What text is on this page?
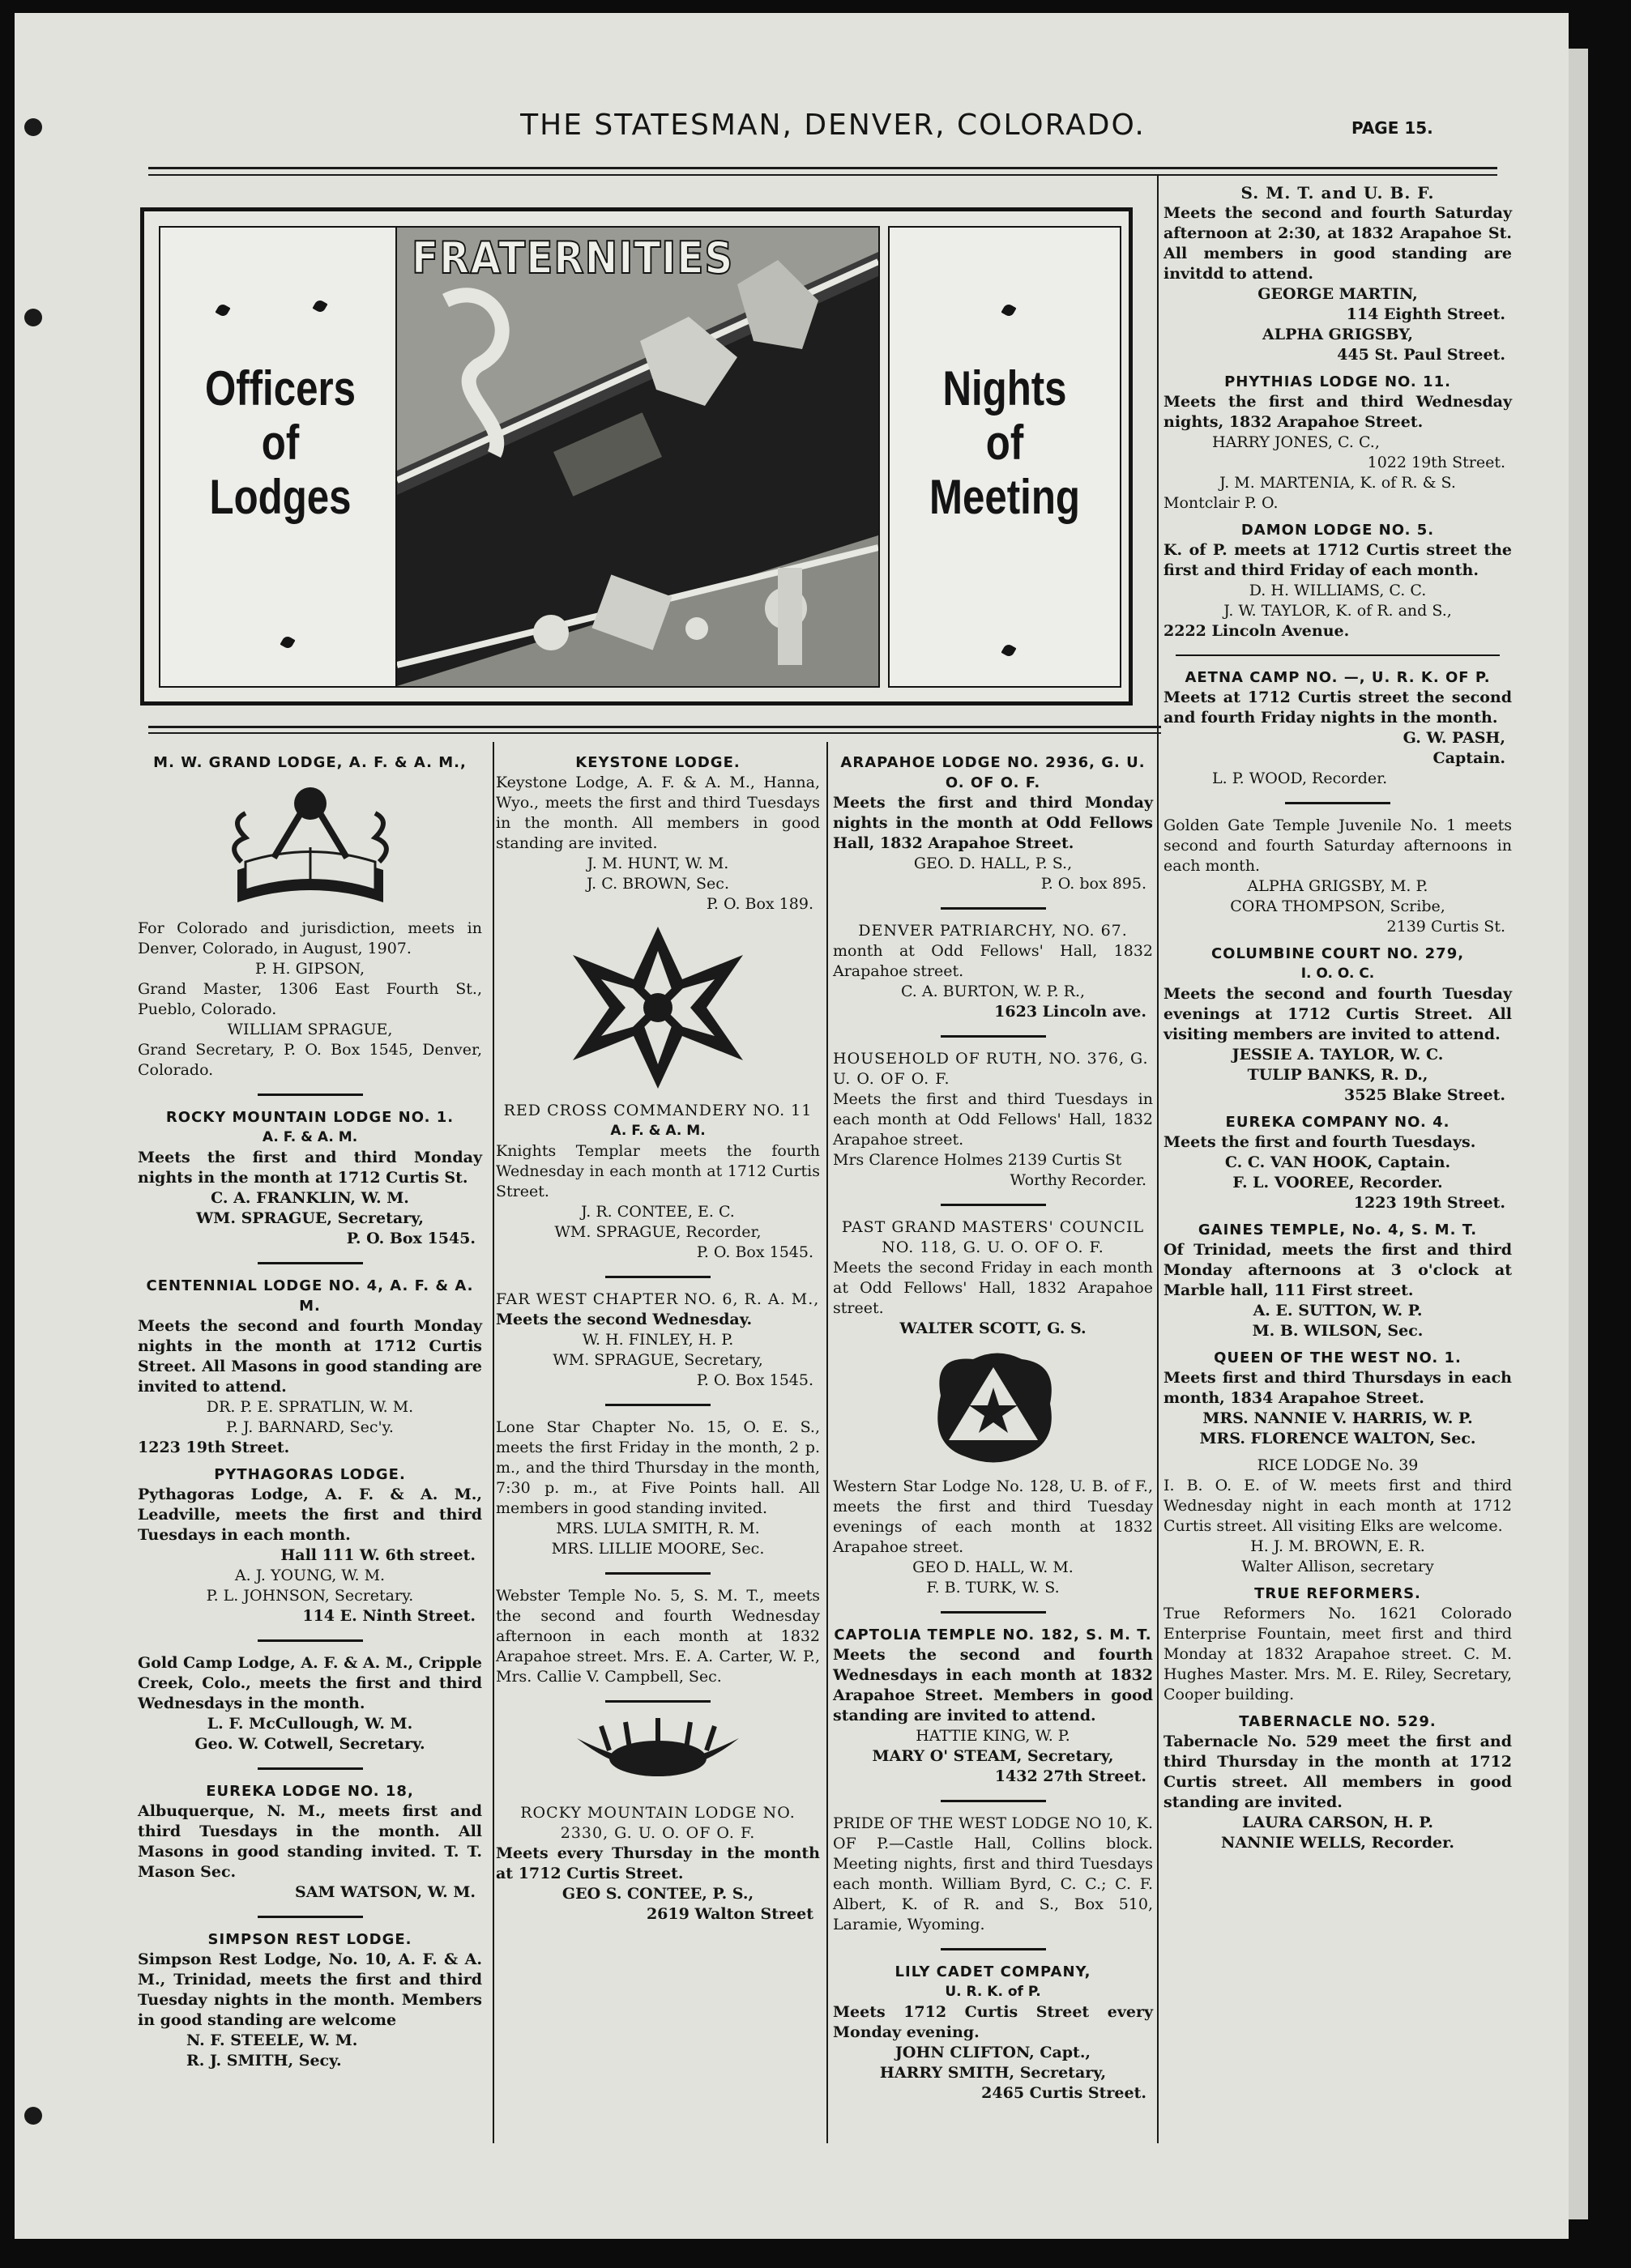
THE STATESMAN, DENVER, COLORADO.	PAGE 15.
Officers
of
Lodges
FRATERNITIES
Nights
of
Meeting
M. W. GRAND LODGE, A. F. & A. M.,

For Colorado and jurisdiction, meets in Denver, Colorado, in August, 1907.

P. H. GIPSON,

Grand Master, 1306 East Fourth St., Pueblo, Colorado.

WILLIAM SPRAGUE,

Grand Secretary, P. O. Box 1545, Denver, Colorado.

ROCKY MOUNTAIN LODGE NO. 1.
A. F. & A. M.

Meets the first and third Monday nights in the month at 1712 Curtis St.

C. A. FRANKLIN, W. M.
WM. SPRAGUE, Secretary,
P. O. Box 1545.
CENTENNIAL LODGE NO. 4, A. F. & A. M.

Meets the second and fourth Monday nights in the month at 1712 Curtis Street. All Masons in good standing are invited to attend.

DR. P. E. SPRATLIN, W. M.
P. J. BARNARD, Sec'y.
1223 19th Street.
PYTHAGORAS LODGE.

Pythagoras Lodge, A. F. & A. M., Leadville, meets the first and third Tuesdays in each month.

Hall 111 W. 6th street.
A. J. YOUNG, W. M.
P. L. JOHNSON, Secretary.
114 E. Ninth Street.

Gold Camp Lodge, A. F. & A. M., Cripple Creek, Colo., meets the first and third Wednesdays in the month.

L. F. McCullough, W. M.
Geo. W. Cotwell, Secretary.
EUREKA LODGE NO. 18,

Albuquerque, N. M., meets first and third Tuesdays in the month. All Masons in good standing invited. T. T. Mason Sec.

SAM WATSON, W. M.
SIMPSON REST LODGE.

Simpson Rest Lodge, No. 10, A. F. & A. M., Trinidad, meets the first and third Tuesday nights in the month. Members in good standing are welcome

N. F. STEELE, W. M.
R. J. SMITH, Secy.
KEYSTONE LODGE.

Keystone Lodge, A. F. & A. M., Hanna, Wyo., meets the first and third Tuesdays in the month. All members in good standing are invited.

J. M. HUNT, W. M.
J. C. BROWN, Sec.
P. O. Box 189.
RED CROSS COMMANDERY NO. 11
A. F. & A. M.

Knights Templar meets the fourth Wednesday in each month at 1712 Curtis Street.

J. R. CONTEE, E. C.
WM. SPRAGUE, Recorder,
P. O. Box 1545.
FAR WEST CHAPTER NO. 6, R. A. M.,

Meets the second Wednesday.

W. H. FINLEY, H. P.
WM. SPRAGUE, Secretary,
P. O. Box 1545.

Lone Star Chapter No. 15, O. E. S., meets the first Friday in the month, 2 p. m., and the third Thursday in the month, 7:30 p. m., at Five Points hall. All members in good standing invited.

MRS. LULA SMITH, R. M.
MRS. LILLIE MOORE, Sec.

Webster Temple No. 5, S. M. T., meets the second and fourth Wednesday afternoon in each month at 1832 Arapahoe street. Mrs. E. A. Carter, W. P., Mrs. Callie V. Campbell, Sec.

ROCKY MOUNTAIN LODGE NO. 2330, G. U. O. OF O. F.

Meets every Thursday in the month at 1712 Curtis Street.

GEO S. CONTEE, P. S.,
2619 Walton Street
ARAPAHOE LODGE NO. 2936, G. U. O. OF O. F.

Meets the first and third Monday nights in the month at Odd Fellows Hall, 1832 Arapahoe Street.

GEO. D. HALL, P. S.,
P. O. box 895.
DENVER PATRIARCHY, NO. 67.

month at Odd Fellows' Hall, 1832 Arapahoe street.

C. A. BURTON, W. P. R.,
1623 Lincoln ave.
HOUSEHOLD OF RUTH, NO. 376, G. U. O. OF O. F.

Meets the first and third Tuesdays in each month at Odd Fellows' Hall, 1832 Arapahoe street.

Mrs Clarence Holmes 2139 Curtis St
Worthy Recorder.
PAST GRAND MASTERS' COUNCIL NO. 118, G. U. O. OF O. F.

Meets the second Friday in each month at Odd Fellows' Hall, 1832 Arapahoe street.

WALTER SCOTT, G. S.

Western Star Lodge No. 128, U. B. of F., meets the first and third Tuesday evenings of each month at 1832 Arapahoe street.

GEO D. HALL, W. M.
F. B. TURK, W. S.
CAPTOLIA TEMPLE NO. 182, S. M. T.

Meets the second and fourth Wednesdays in each month at 1832 Arapahoe Street. Members in good standing are invited to attend.

HATTIE KING, W. P.
MARY O' STEAM, Secretary,
1432 27th Street.

PRIDE OF THE WEST LODGE NO 10, K. OF P.—Castle Hall, Collins block. Meeting nights, first and third Tuesdays each month. William Byrd, C. C.; C. F. Albert, K. of R. and S., Box 510, Laramie, Wyoming.

LILY CADET COMPANY,
U. R. K. of P.

Meets 1712 Curtis Street every Monday evening.

JOHN CLIFTON, Capt.,
HARRY SMITH, Secretary,
2465 Curtis Street.
S. M. T. and U. B. F.

Meets the second and fourth Saturday afternoon at 2:30, at 1832 Arapahoe St. All members in good standing are invitdd to attend.

GEORGE MARTIN,
114 Eighth Street.
ALPHA GRIGSBY,
445 St. Paul Street.
PHYTHIAS LODGE NO. 11.

Meets the first and third Wednesday nights, 1832 Arapahoe Street.

HARRY JONES, C. C.,
1022 19th Street.
J. M. MARTENIA, K. of R. & S.
Montclair P. O.
DAMON LODGE NO. 5.

K. of P. meets at 1712 Curtis street the first and third Friday of each month.

D. H. WILLIAMS, C. C.
J. W. TAYLOR, K. of R. and S.,
2222 Lincoln Avenue.
AETNA CAMP NO. —, U. R. K. OF P.

Meets at 1712 Curtis street the second and fourth Friday nights in the month.

G. W. PASH,
Captain.
L. P. WOOD, Recorder.

Golden Gate Temple Juvenile No. 1 meets second and fourth Saturday afternoons in each month.

ALPHA GRIGSBY, M. P.
CORA THOMPSON, Scribe,
2139 Curtis St.
COLUMBINE COURT NO. 279,
I. O. O. C.

Meets the second and fourth Tuesday evenings at 1712 Curtis Street. All visiting members are invited to attend.

JESSIE A. TAYLOR, W. C.
TULIP BANKS, R. D.,
3525 Blake Street.
EUREKA COMPANY NO. 4.

Meets the first and fourth Tuesdays.

C. C. VAN HOOK, Captain.
F. L. VOOREE, Recorder.
1223 19th Street.
GAINES TEMPLE, No. 4, S. M. T.

Of Trinidad, meets the first and third Monday afternoons at 3 o'clock at Marble hall, 111 First street.

A. E. SUTTON, W. P.
M. B. WILSON, Sec.
QUEEN OF THE WEST NO. 1.

Meets first and third Thursdays in each month, 1834 Arapahoe Street.

MRS. NANNIE V. HARRIS, W. P.
MRS. FLORENCE WALTON, Sec.
RICE LODGE No. 39

I. B. O. E. of W. meets first and third Wednesday night in each month at 1712 Curtis street. All visiting Elks are welcome.

H. J. M. BROWN, E. R.
Walter Allison, secretary
TRUE REFORMERS.

True Reformers No. 1621 Colorado Enterprise Fountain, meet first and third Monday at 1832 Arapahoe street. C. M. Hughes Master. Mrs. M. E. Riley, Secretary, Cooper building.

TABERNACLE NO. 529.

Tabernacle No. 529 meet the first and third Thursday in the month at 1712 Curtis street. All members in good standing are invited.

LAURA CARSON, H. P.
NANNIE WELLS, Recorder.
